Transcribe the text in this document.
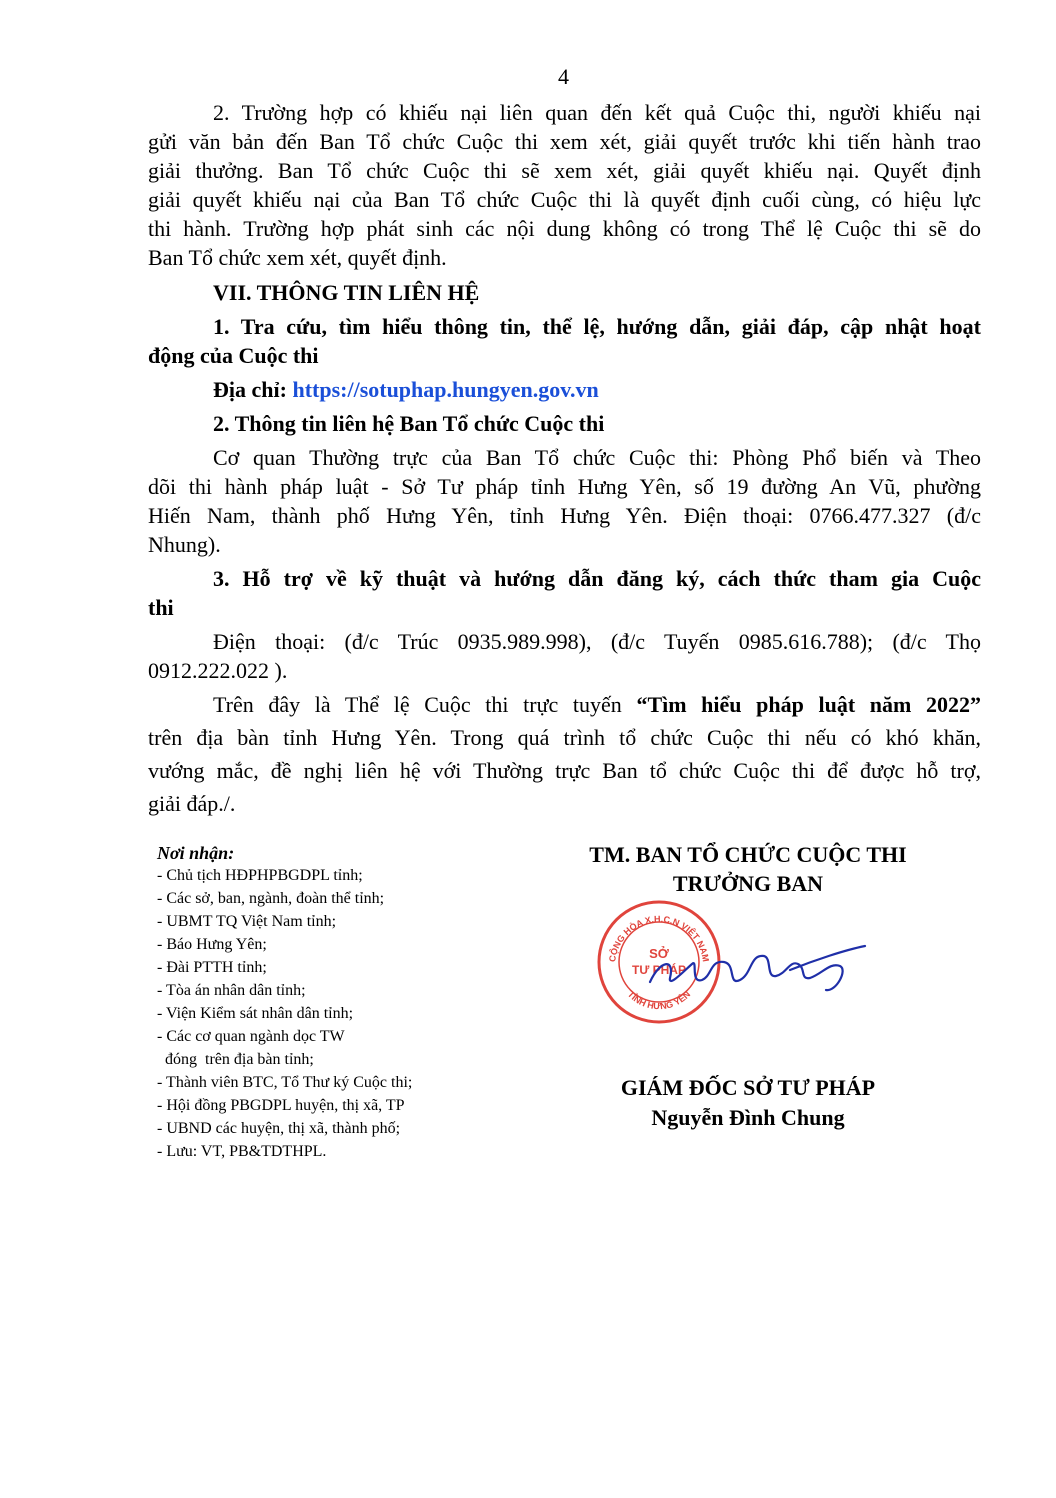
4
2. Trường hợp có khiếu nại liên quan đến kết quả Cuộc thi, người khiếu nại
gửi văn bản đến Ban Tổ chức Cuộc thi xem xét, giải quyết trước khi tiến hành trao
giải thưởng. Ban Tổ chức Cuộc thi sẽ xem xét, giải quyết khiếu nại. Quyết định
giải quyết khiếu nại của Ban Tổ chức Cuộc thi là quyết định cuối cùng, có hiệu lực
thi hành. Trường hợp phát sinh các nội dung không có trong Thể lệ Cuộc thi sẽ do
Ban Tổ chức xem xét, quyết định.
VII. THÔNG TIN LIÊN HỆ
1. Tra cứu, tìm hiểu thông tin, thể lệ, hướng dẫn, giải đáp, cập nhật hoạt
động của Cuộc thi
Địa chỉ: https://sotuphap.hungyen.gov.vn
2. Thông tin liên hệ Ban Tổ chức Cuộc thi
Cơ quan Thường trực của Ban Tổ chức Cuộc thi: Phòng Phổ biến và Theo
dõi thi hành pháp luật - Sở Tư pháp tỉnh Hưng Yên, số 19 đường An Vũ, phường
Hiến Nam, thành phố Hưng Yên, tỉnh Hưng Yên. Điện thoại: 0766.477.327 (đ/c
Nhung).
3. Hỗ trợ về kỹ thuật và hướng dẫn đăng ký, cách thức tham gia Cuộc
thi
Điện thoại: (đ/c Trúc 0935.989.998), (đ/c Tuyến 0985.616.788); (đ/c Thọ
0912.222.022 ).
Trên đây là Thể lệ Cuộc thi trực tuyến “Tìm hiểu pháp luật năm 2022”
trên địa bàn tỉnh Hưng Yên. Trong quá trình tổ chức Cuộc thi nếu có khó khăn,
vướng mắc, đề nghị liên hệ với Thường trực Ban tổ chức Cuộc thi để được hỗ trợ,
giải đáp./.
Nơi nhận:
- Chủ tịch HĐPHPBGDPL tỉnh;
- Các sở, ban, ngành, đoàn thể tỉnh;
- UBMT TQ Việt Nam tỉnh;
- Báo Hưng Yên;
- Đài PTTH tỉnh;
- Tòa án nhân dân tỉnh;
- Viện Kiểm sát nhân dân tỉnh;
- Các cơ quan ngành dọc TW
đóng  trên địa bàn tỉnh;
- Thành viên BTC, Tổ Thư ký Cuộc thi;
- Hội đồng PBGDPL huyện, thị xã, TP
- UBND các huyện, thị xã, thành phố;
- Lưu: VT, PB&TDTHPL.
TM. BAN TỔ CHỨC CUỘC THI
TRƯỞNG BAN
CỘNG HÒA X.H.C.N VIỆT NAM
TỈNH HƯNG YÊN
SỞ
TƯ PHÁP
GIÁM ĐỐC SỞ TƯ PHÁP
Nguyễn Đình Chung
